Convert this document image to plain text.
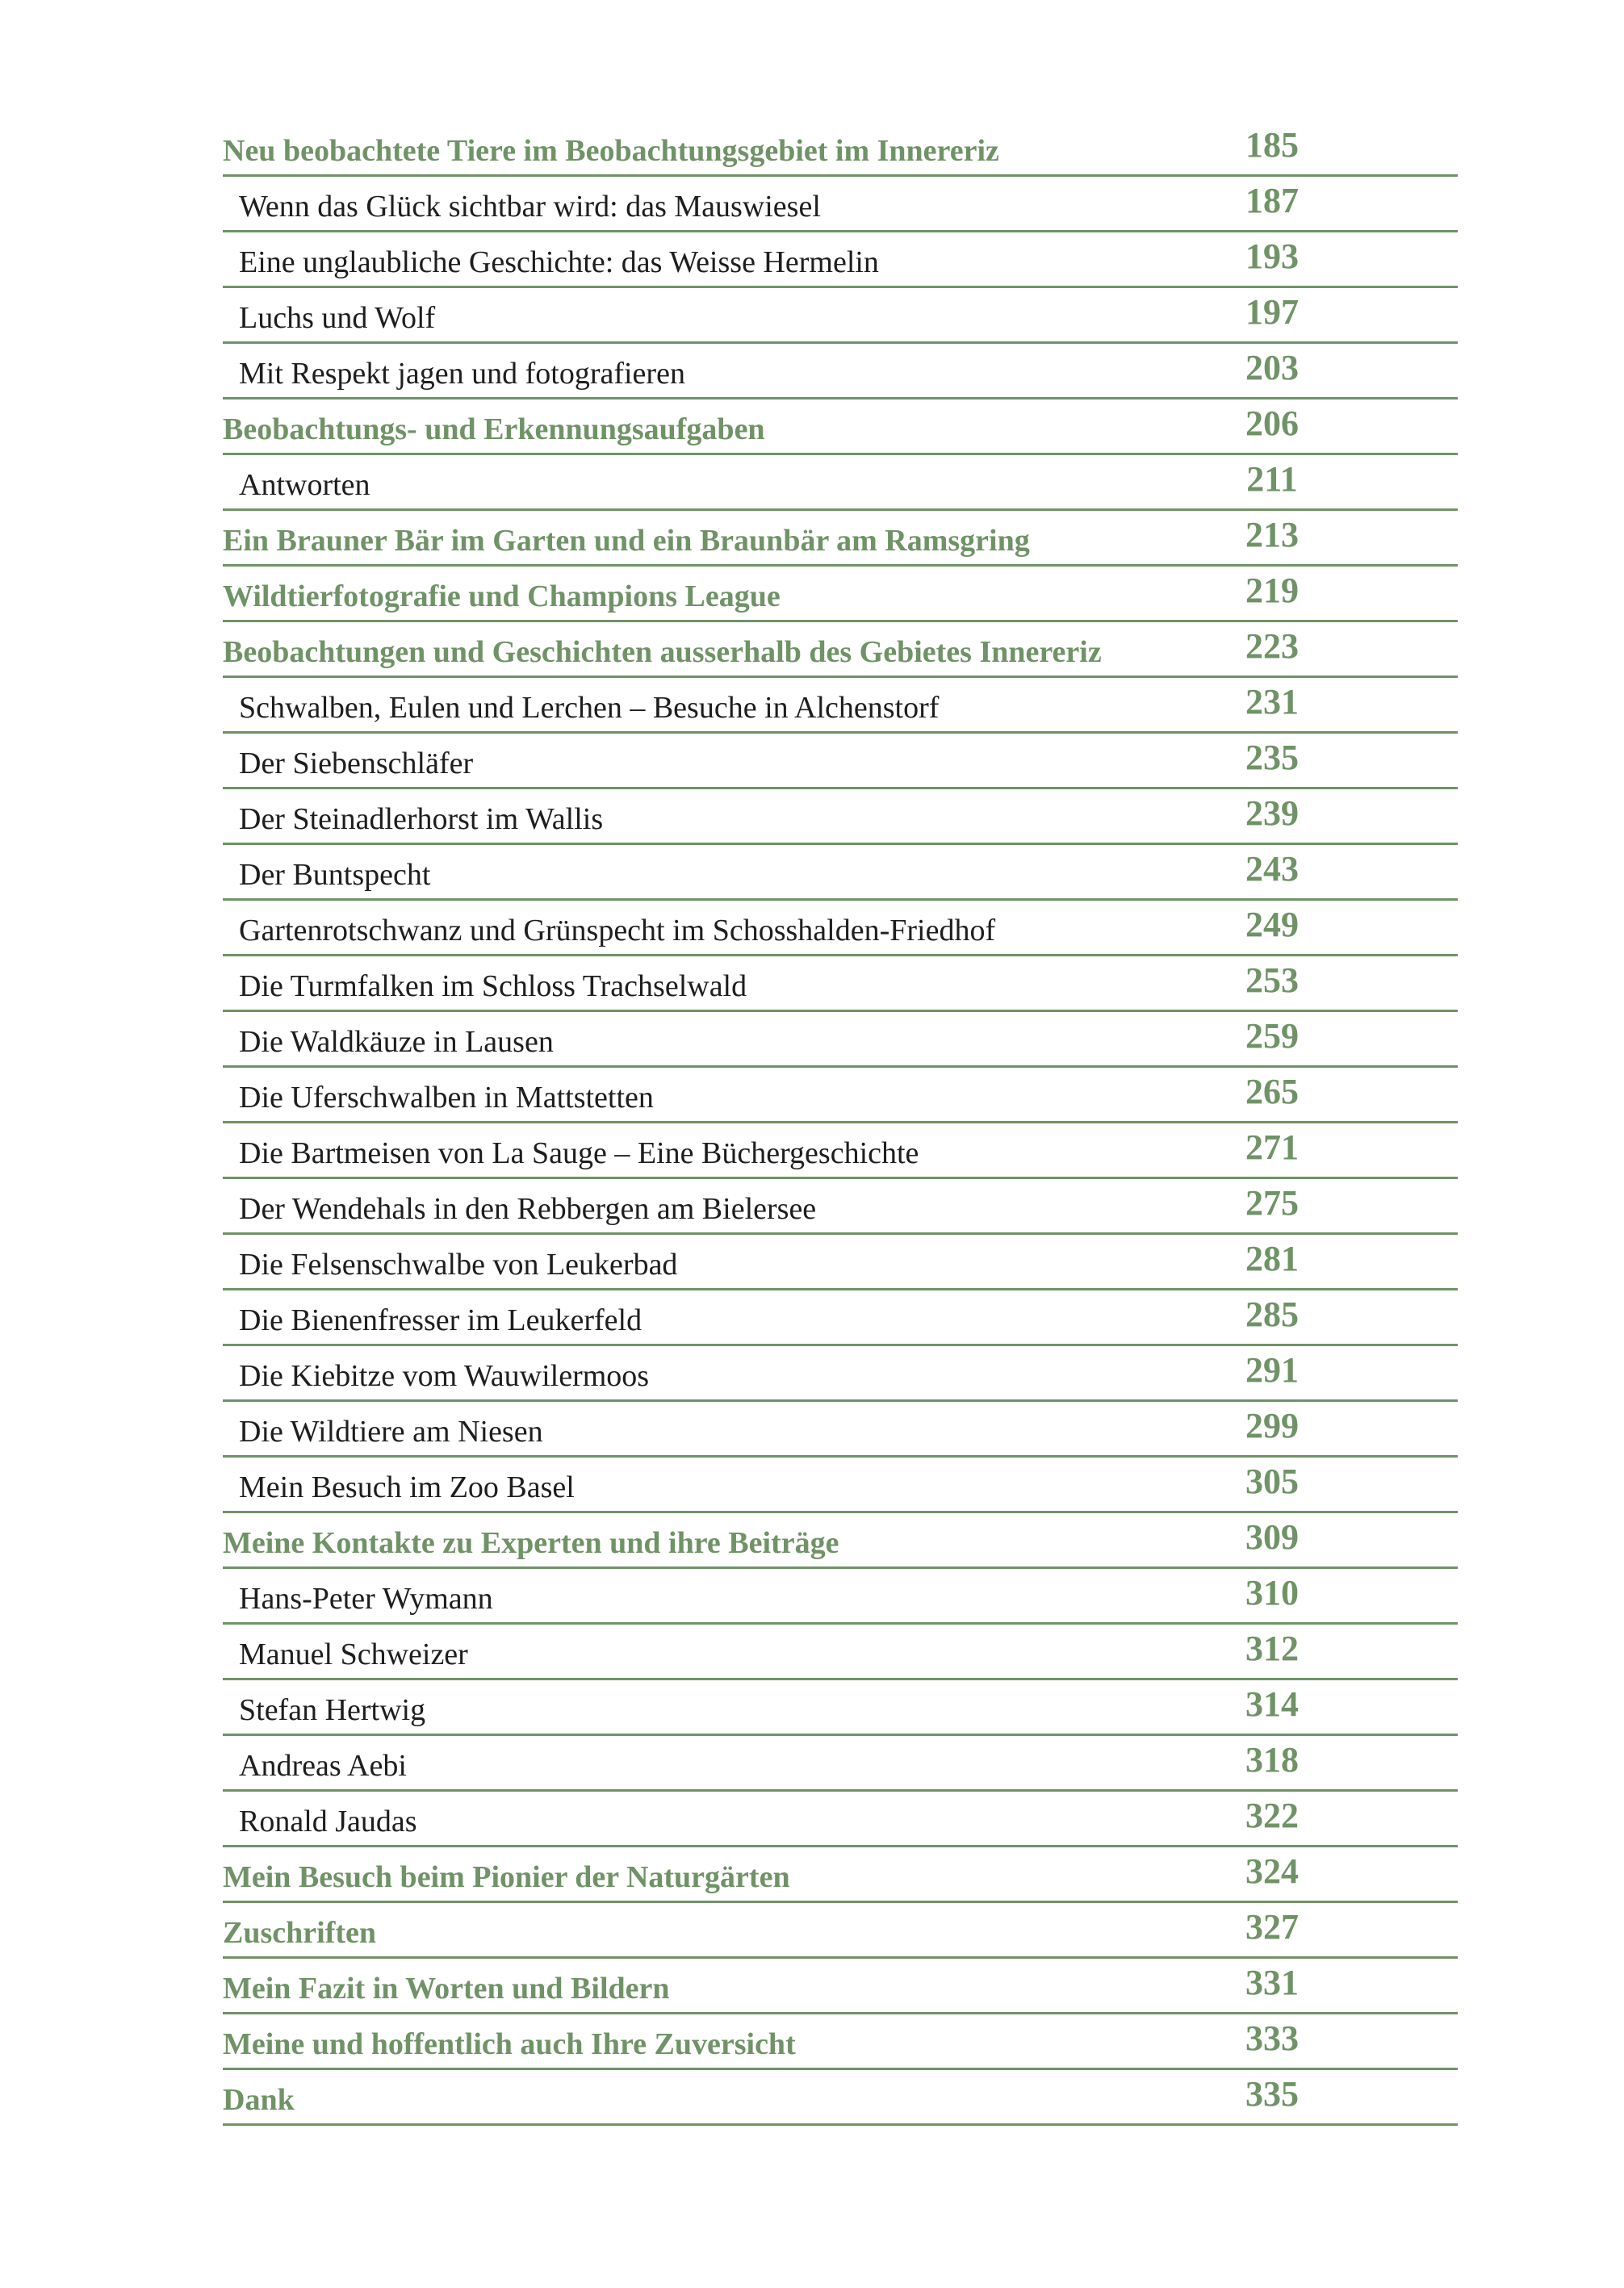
Neu beobachtete Tiere im Beobachtungsgebiet im Innereriz	185
Wenn das Glück sichtbar wird: das Mauswiesel	187
Eine unglaubliche Geschichte: das Weisse Hermelin	193
Luchs und Wolf	197
Mit Respekt jagen und fotografieren	203
Beobachtungs- und Erkennungsaufgaben	206
Antworten	211
Ein Brauner Bär im Garten und ein Braunbär am Ramsgring	213
Wildtierfotografie und Champions League	219
Beobachtungen und Geschichten ausserhalb des Gebietes Innereriz	223
Schwalben, Eulen und Lerchen – Besuche in Alchenstorf	231
Der Siebenschläfer	235
Der Steinadlerhorst im Wallis	239
Der Buntspecht	243
Gartenrotschwanz und Grünspecht im Schosshalden-Friedhof	249
Die Turmfalken im Schloss Trachselwald	253
Die Waldkäuze in Lausen	259
Die Uferschwalben in Mattstetten	265
Die Bartmeisen von La Sauge – Eine Büchergeschichte	271
Der Wendehals in den Rebbergen am Bielersee	275
Die Felsenschwalbe von Leukerbad	281
Die Bienenfresser im Leukerfeld	285
Die Kiebitze vom Wauwilermoos	291
Die Wildtiere am Niesen	299
Mein Besuch im Zoo Basel	305
Meine Kontakte zu Experten und ihre Beiträge	309
Hans-Peter Wymann	310
Manuel Schweizer	312
Stefan Hertwig	314
Andreas Aebi	318
Ronald Jaudas	322
Mein Besuch beim Pionier der Naturgärten	324
Zuschriften	327
Mein Fazit in Worten und Bildern	331
Meine und hoffentlich auch Ihre Zuversicht	333
Dank	335
